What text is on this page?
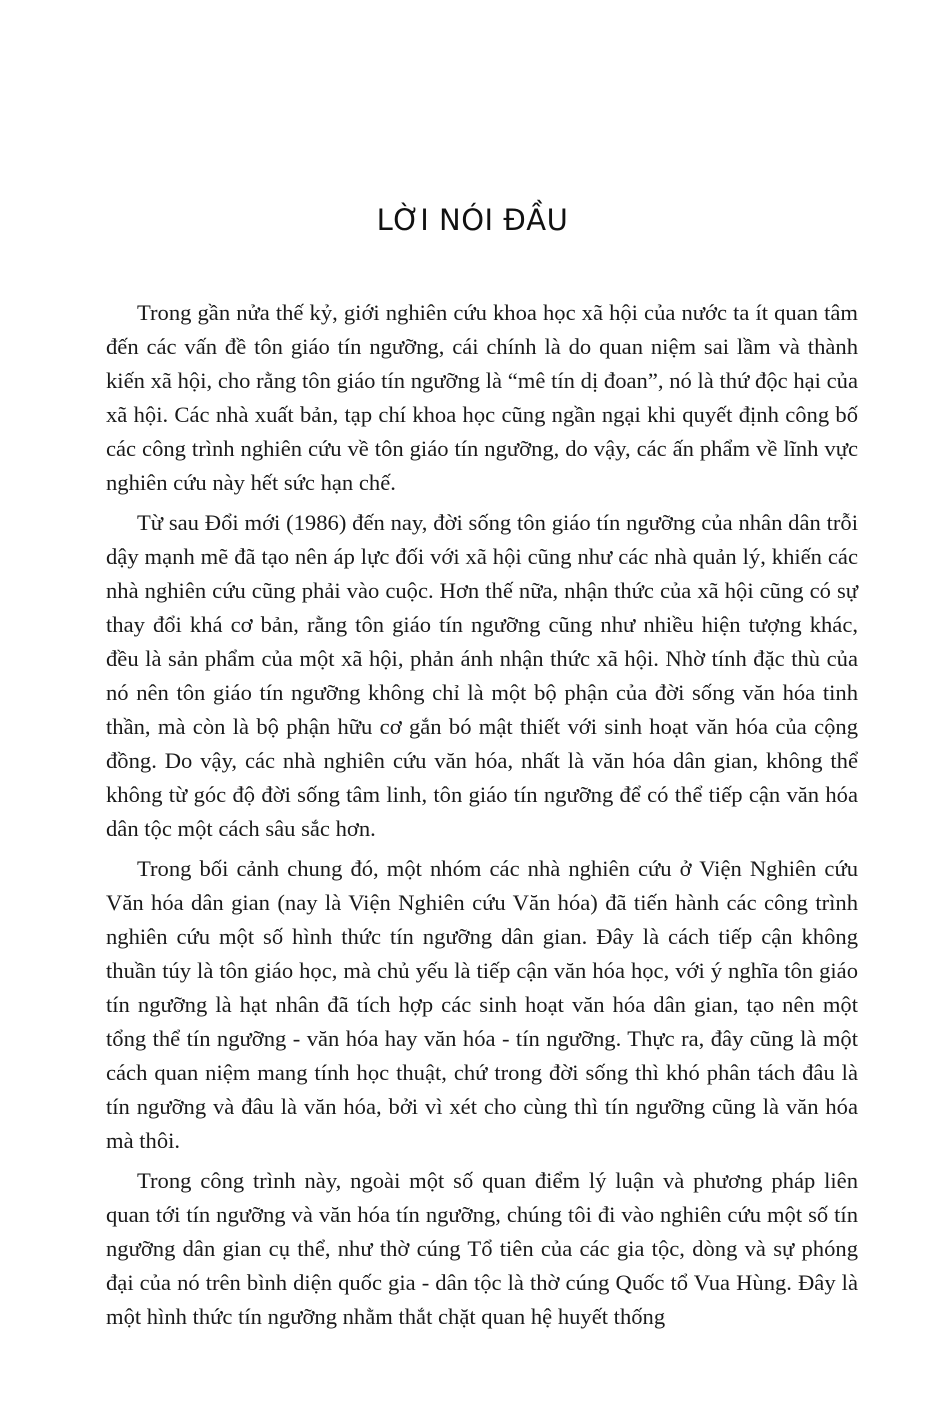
LỜI NÓI ĐẦU

Trong gần nửa thế kỷ, giới nghiên cứu khoa học xã hội của nước ta ít quan tâm đến các vấn đề tôn giáo tín ngưỡng, cái chính là do quan niệm sai lầm và thành kiến xã hội, cho rằng tôn giáo tín ngưỡng là “mê tín dị đoan”, nó là thứ độc hại của xã hội. Các nhà xuất bản, tạp chí khoa học cũng ngần ngại khi quyết định công bố các công trình nghiên cứu về tôn giáo tín ngưỡng, do vậy, các ấn phẩm về lĩnh vực nghiên cứu này hết sức hạn chế.

Từ sau Đổi mới (1986) đến nay, đời sống tôn giáo tín ngưỡng của nhân dân trỗi dậy mạnh mẽ đã tạo nên áp lực đối với xã hội cũng như các nhà quản lý, khiến các nhà nghiên cứu cũng phải vào cuộc. Hơn thế nữa, nhận thức của xã hội cũng có sự thay đổi khá cơ bản, rằng tôn giáo tín ngưỡng cũng như nhiều hiện tượng khác, đều là sản phẩm của một xã hội, phản ánh nhận thức xã hội. Nhờ tính đặc thù của nó nên tôn giáo tín ngưỡng không chỉ là một bộ phận của đời sống văn hóa tinh thần, mà còn là bộ phận hữu cơ gắn bó mật thiết với sinh hoạt văn hóa của cộng đồng. Do vậy, các nhà nghiên cứu văn hóa, nhất là văn hóa dân gian, không thể không từ góc độ đời sống tâm linh, tôn giáo tín ngưỡng để có thể tiếp cận văn hóa dân tộc một cách sâu sắc hơn.

Trong bối cảnh chung đó, một nhóm các nhà nghiên cứu ở Viện Nghiên cứu Văn hóa dân gian (nay là Viện Nghiên cứu Văn hóa) đã tiến hành các công trình nghiên cứu một số hình thức tín ngưỡng dân gian. Đây là cách tiếp cận không thuần túy là tôn giáo học, mà chủ yếu là tiếp cận văn hóa học, với ý nghĩa tôn giáo tín ngưỡng là hạt nhân đã tích hợp các sinh hoạt văn hóa dân gian, tạo nên một tổng thể tín ngưỡng - văn hóa hay văn hóa - tín ngưỡng. Thực ra, đây cũng là một cách quan niệm mang tính học thuật, chứ trong đời sống thì khó phân tách đâu là tín ngưỡng và đâu là văn hóa, bởi vì xét cho cùng thì tín ngưỡng cũng là văn hóa mà thôi.

Trong công trình này, ngoài một số quan điểm lý luận và phương pháp liên quan tới tín ngưỡng và văn hóa tín ngưỡng, chúng tôi đi vào nghiên cứu một số tín ngưỡng dân gian cụ thể, như thờ cúng Tổ tiên của các gia tộc, dòng và sự phóng đại của nó trên bình diện quốc gia - dân tộc là thờ cúng Quốc tổ Vua Hùng. Đây là một hình thức tín ngưỡng nhằm thắt chặt quan hệ huyết thống
